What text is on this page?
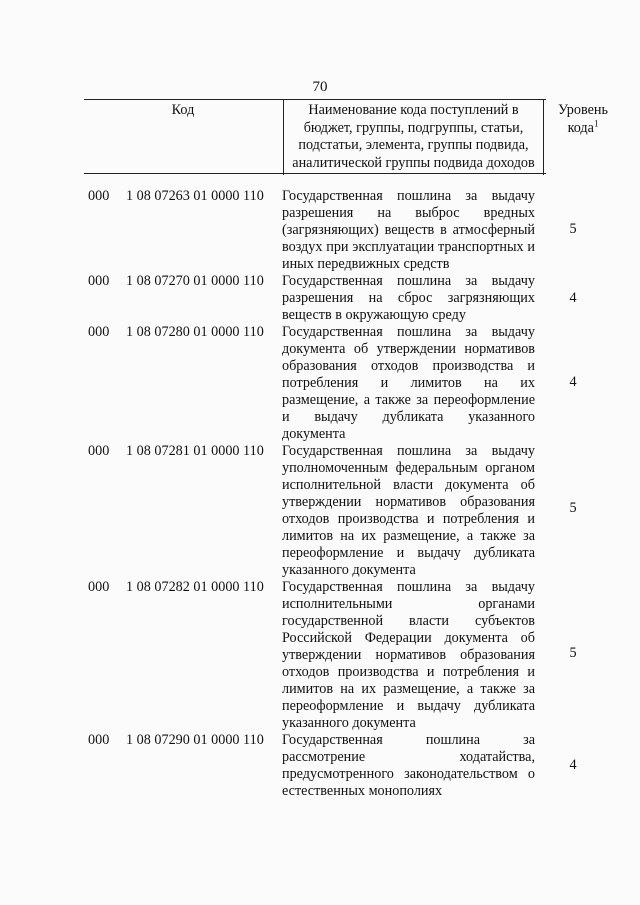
70
Код	Наименование кода поступлений в бюджет, группы, подгруппы, статьи, подстатьи, элемента, группы подвида, аналитической группы подвида доходов
Уровень кода$^1$
000 1 08 07263 01 0000 110 Государственная пошлина за выдачу разрешения на выброс вредных (загрязняющих) веществ в атмосферный воздух при эксплуатации транспортных и иных передвижных средств
5
000 1 08 07270 01 0000 110 Государственная пошлина за выдачу разрешения на сброс загрязняющих веществ в окружающую среду
4
000 1 08 07280 01 0000 110 Государственная пошлина за выдачу документа об утверждении нормативов образования отходов производства и потребления и лимитов на их размещение, а также за переоформление и выдачу дубликата указанного документа
4
000 1 08 07281 01 0000 110 Государственная пошлина за выдачу уполномоченным федеральным органом исполнительной власти документа об утверждении нормативов образования отходов производства и потребления и лимитов на их размещение, а также за переоформление и выдачу дубликата указанного документа
5
000 1 08 07282 01 0000 110 Государственная пошлина за выдачу исполнительными органами государственной власти субъектов Российской Федерации документа об утверждении нормативов образования отходов производства и потребления и лимитов на их размещение, а также за переоформление и выдачу дубликата указанного документа
5
000 1 08 07290 01 0000 110 Государственная пошлина за рассмотрение ходатайства, предусмотренного законодательством о естественных монополиях
4
